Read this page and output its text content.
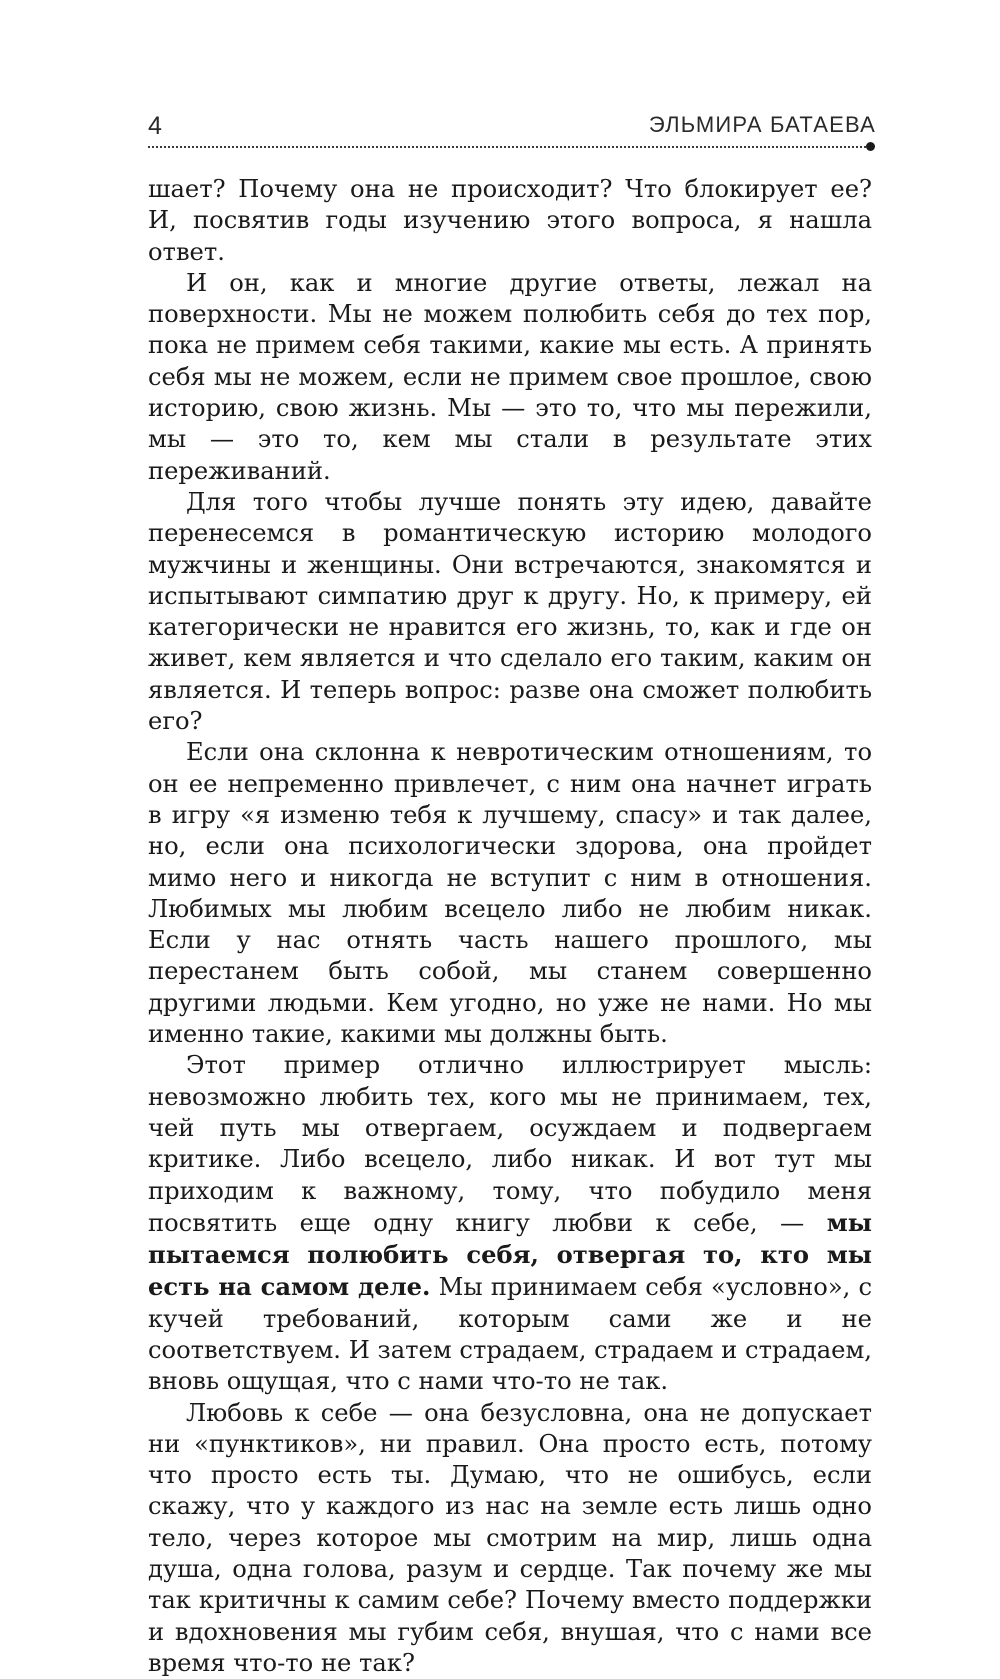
4	ЭЛЬМИРА БАТАЕВА

шает? Почему она не происходит? Что блокирует ее? И, посвятив годы изучению этого вопроса, я нашла ответ.

И он, как и многие другие ответы, лежал на поверхности. Мы не можем полюбить себя до тех пор, пока не примем себя такими, какие мы есть. А принять себя мы не можем, если не примем свое прошлое, свою историю, свою жизнь. Мы — это то, что мы пережили, мы — это то, кем мы стали в результате этих переживаний.

Для того чтобы лучше понять эту идею, давайте перенесемся в романтическую историю молодого мужчины и женщины. Они встречаются, знакомятся и испытывают симпатию друг к другу. Но, к примеру, ей категорически не нравится его жизнь, то, как и где он живет, кем является и что сделало его таким, каким он является. И теперь вопрос: разве она сможет полюбить его?

Если она склонна к невротическим отношениям, то он ее непременно привлечет, с ним она начнет играть в игру «я изменю тебя к лучшему, спасу» и так далее, но, если она психологически здорова, она пройдет мимо него и никогда не вступит с ним в отношения. Любимых мы любим всецело либо не любим никак. Если у нас отнять часть нашего прошлого, мы перестанем быть собой, мы станем совершенно другими людьми. Кем угодно, но уже не нами. Но мы именно такие, какими мы должны быть.

Этот пример отлично иллюстрирует мысль: невозможно любить тех, кого мы не принимаем, тех, чей путь мы отвергаем, осуждаем и подвергаем критике. Либо всецело, либо никак. И вот тут мы приходим к важному, тому, что побудило меня посвятить еще одну книгу любви к себе, — мы пытаемся полюбить себя, отвергая то, кто мы есть на самом деле. Мы принимаем себя «условно», с кучей требований, которым сами же и не соответствуем. И затем страдаем, страдаем и страдаем, вновь ощущая, что с нами что-то не так.

Любовь к себе — она безусловна, она не допускает ни «пунктиков», ни правил. Она просто есть, потому что просто есть ты. Думаю, что не ошибусь, если скажу, что у каждого из нас на земле есть лишь одно тело, через которое мы смотрим на мир, лишь одна душа, одна голова, разум и сердце. Так почему же мы так критичны к самим себе? Почему вместо поддержки и вдохновения мы губим себя, внушая, что с нами все время что-то не так?
